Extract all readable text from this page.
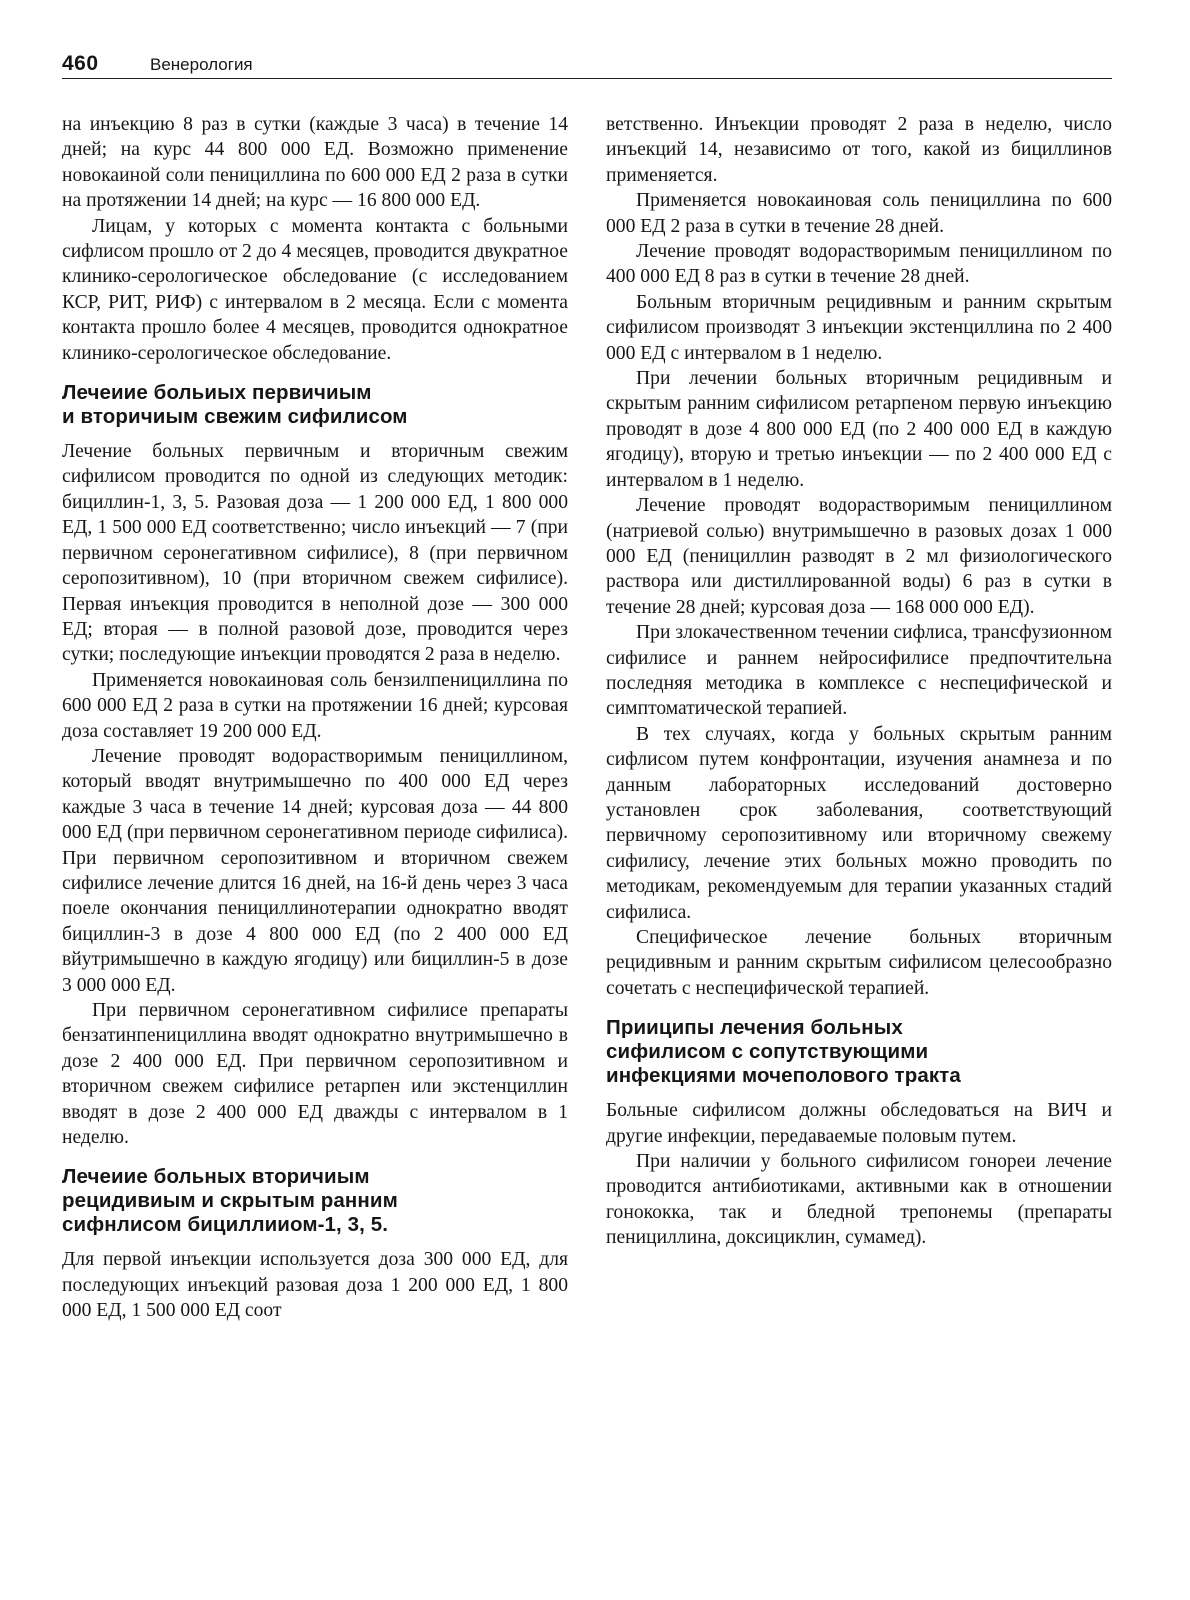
460	Венерология

на инъекцию 8 раз в сутки (каждые 3 часа) в течение 14 дней; на курс 44 800 000 ЕД. Возможно применение новокаиной соли пенициллина по 600 000 ЕД 2 раза в сутки на протяжении 14 дней; на курс — 16 800 000 ЕД.

Лицам, у которых с момента контакта с больными сифлисом прошло от 2 до 4 месяцев, проводится двукратное клинико-серологическое обследование (с исследованием КСР, РИТ, РИФ) с интервалом в 2 месяца. Если с момента контакта прошло более 4 месяцев, проводится однократное клинико-серологическое обследование.

Лечеиие больиых первичиым
и вторичиым свежим сифилисом

Лечение больных первичным и вторичным свежим сифилисом проводится по одной из следующих методик: бициллин-1, 3, 5. Разовая доза — 1 200 000 ЕД, 1 800 000 ЕД, 1 500 000 ЕД соответственно; число инъекций — 7 (при первичном серонегативном сифилисе), 8 (при первичном серопозитивном), 10 (при вторичном свежем сифилисе). Первая инъекция проводится в неполной дозе — 300 000 ЕД; вторая — в полной разовой дозе, проводится через сутки; последующие инъекции проводятся 2 раза в неделю.

Применяется новокаиновая соль бензилпенициллина по 600 000 ЕД 2 раза в сутки на протяжении 16 дней; курсовая доза составляет 19 200 000 ЕД.

Лечение проводят водорастворимым пенициллином, который вводят внутримышечно по 400 000 ЕД через каждые 3 часа в течение 14 дней; курсовая доза — 44 800 000 ЕД (при первичном серонегативном периоде сифилиса). При первичном серопозитивном и вторичном свежем сифилисе лечение длится 16 дней, на 16-й день через 3 часа поеле окончания пенициллинотерапии однократно вводят бициллин-3 в дозе 4 800 000 ЕД (по 2 400 000 ЕД вйутримышечно в каждую ягодицу) или бициллин-5 в дозе 3 000 000 ЕД.

При первичном серонегативном сифилисе препараты бензатинпенициллина вводят однократно внутримышечно в дозе 2 400 000 ЕД. При первичном серопозитивном и вторичном свежем сифилисе ретарпен или экстенциллин вводят в дозе 2 400 000 ЕД дважды с интервалом в 1 неделю.

Лечеиие больных вторичиым
рецидивиым и скрытым ранним
сифнлисом бициллииом-1, 3, 5.

Для первой инъекции используется доза 300 000 ЕД, для последующих инъекций разовая доза 1 200 000 ЕД, 1 800 000 ЕД, 1 500 000 ЕД соот

ветственно. Инъекции проводят 2 раза в неделю, число инъекций 14, независимо от того, какой из бициллинов применяется.

Применяется новокаиновая соль пенициллина по 600 000 ЕД 2 раза в сутки в течение 28 дней.

Лечение проводят водорастворимым пенициллином по 400 000 ЕД 8 раз в сутки в течение 28 дней.

Больным вторичным рецидивным и ранним скрытым сифилисом производят 3 инъекции экстенциллина по 2 400 000 ЕД с интервалом в 1 неделю.

При лечении больных вторичным рецидивным и скрытым ранним сифилисом ретарпеном первую инъекцию проводят в дозе 4 800 000 ЕД (по 2 400 000 ЕД в каждую ягодицу), вторую и третью инъекции — по 2 400 000 ЕД с интервалом в 1 неделю.

Лечение проводят водорастворимым пенициллином (натриевой солью) внутримышечно в разовых дозах 1 000 000 ЕД (пенициллин разводят в 2 мл физиологического раствора или дистиллированной воды) 6 раз в сутки в течение 28 дней; курсовая доза — 168 000 000 ЕД).

При злокачественном течении сифлиса, трансфузионном сифилисе и раннем нейросифилисе предпочтительна последняя методика в комплексе с неспецифической и симптоматической терапией.

В тех случаях, когда у больных скрытым ранним сифлисом путем конфронтации, изучения анамнеза и по данным лабораторных исследований достоверно установлен срок заболевания, соответствующий первичному серопозитивному или вторичному свежему сифилису, лечение этих больных можно проводить по методикам, рекомендуемым для терапии указанных стадий сифилиса.

Специфическое лечение больных вторичным рецидивным и ранним скрытым сифилисом целесообразно сочетать с неспецифической терапией.

Прииципы лечения больных
сифилисом с сопутствующими
инфекциями мочеполового тракта

Больные сифилисом должны обследоваться на ВИЧ и другие инфекции, передаваемые половым путем.

При наличии у больного сифилисом гонореи лечение проводится антибиотиками, активными как в отношении гонококка, так и бледной трепонемы (препараты пенициллина, доксициклин, сумамед).
